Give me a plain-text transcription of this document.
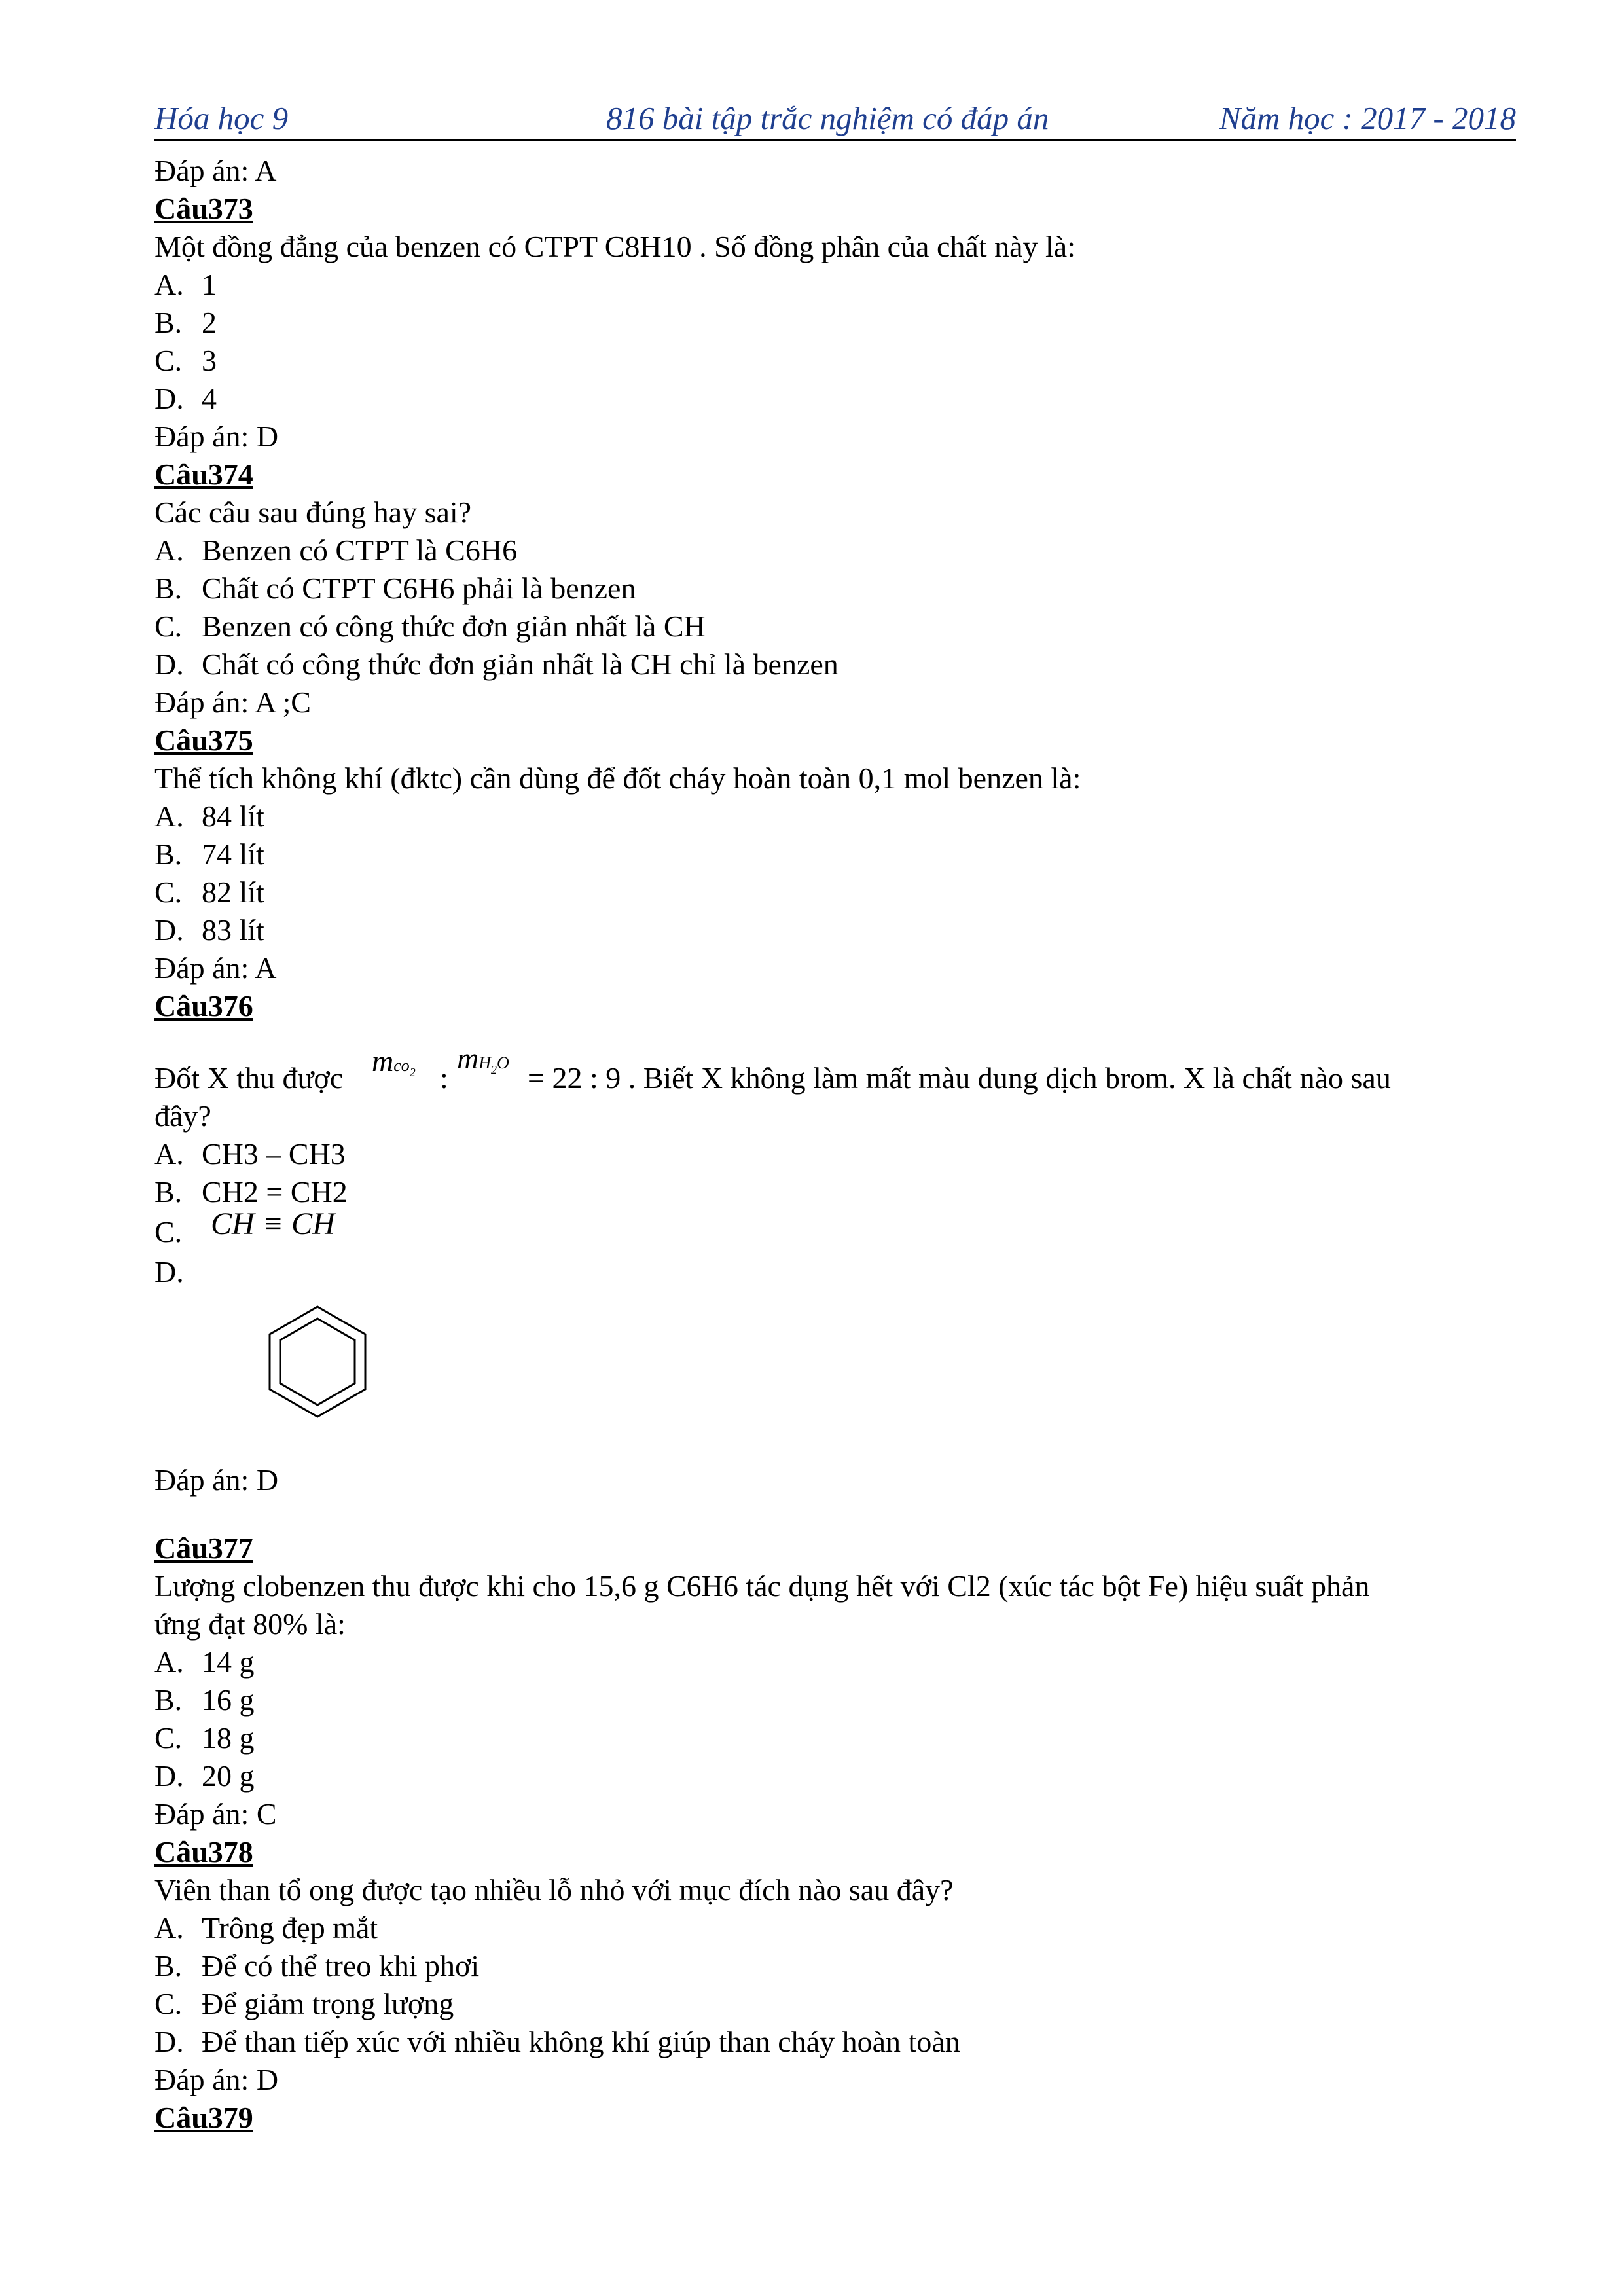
Hóa học 9	816 bài tập trắc nghiệm có đáp án	Năm học : 2017 - 2018
Đáp án: A
Câu373
Một đồng đẳng của benzen có CTPT C8H10 . Số đồng phân của chất này là:
A. 1
B. 2
C. 3
D. 4
Đáp án: D
Câu374
Các câu sau đúng hay sai?
A. Benzen có CTPT là C6H6
B. Chất có CTPT C6H6 phải là benzen
C. Benzen có công thức đơn giản nhất là CH
D. Chất có công thức đơn giản nhất là CH chỉ là benzen
Đáp án: A ;C
Câu375
Thể tích không khí (đktc) cần dùng để đốt cháy hoàn toàn 0,1 mol benzen là:
A. 84 lít
B. 74 lít
C. 82 lít
D. 83 lít
Đáp án: A
Câu376
Đốt X thu được
mco2 :
mH2O = 22 : 9 . Biết X không làm mất màu dung dịch brom. X là chất nào sau
đây?
A. CH3 – CH3
B. CH2 = CH2
C. CH ≡ CH
D.
Đáp án: D
Câu377
Lượng clobenzen thu được khi cho 15,6 g C6H6 tác dụng hết với Cl2 (xúc tác bột Fe) hiệu suất phản
ứng đạt 80% là:
A. 14 g
B. 16 g
C. 18 g
D. 20 g
Đáp án: C
Câu378
Viên than tổ ong được tạo nhiều lỗ nhỏ với mục đích nào sau đây?
A. Trông đẹp mắt
B. Để có thể treo khi phơi
C. Để giảm trọng lượng
D. Để than tiếp xúc với nhiều không khí giúp than cháy hoàn toàn
Đáp án: D
Câu379
